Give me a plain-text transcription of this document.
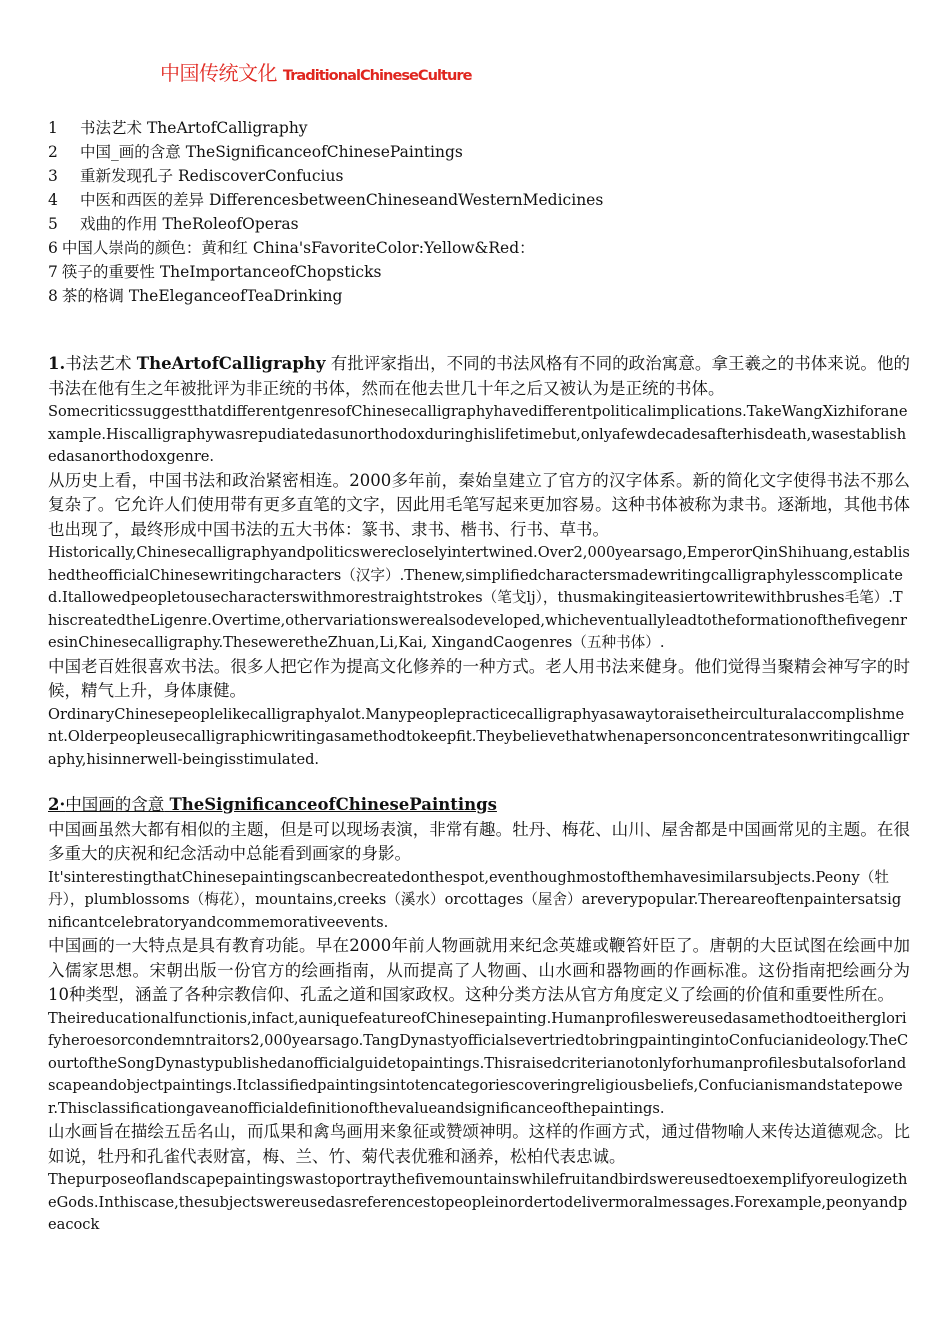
中国传统文化 TraditionalChineseCulture
1 书法艺术 TheArtofCalligraphy
2 中国_画的含意 TheSignificanceofChinesePaintings
3 重新发现孔子 RediscoverConfucius
4 中医和西医的差异 DifferencesbetweenChineseandWesternMedicines
5 戏曲的作用 TheRoleofOperas
6 中国人崇尚的颜色：黄和红 China'sFavoriteColor:Yellow&Red：
7 筷子的重要性 TheImportanceofChopsticks
8 茶的格调 TheEleganceofTeaDrinking

1.书法艺术 TheArtofCalligraphy 有批评家指出，不同的书法风格有不同的政治寓意。拿王羲之的书体来说。他的书法在他有生之年被批评为非正统的书体，然而在他去世几十年之后又被认为是正统的书体。

SomecriticssuggestthatdifferentgenresofChinesecalligraphyhavedifferentpoliticalimplications.TakeWangXizhiforanexample.Hiscalligraphywasrepudiatedasunorthodoxduringhislifetimebut,onlyafewdecadesafterhisdeath,wasestablishedasanorthodoxgenre.

从历史上看，中国书法和政治紧密相连。2000多年前，秦始皇建立了官方的汉字体系。新的简化文字使得书法不那么复杂了。它允许人们使用带有更多直笔的文字，因此用毛笔写起来更加容易。这种书体被称为隶书。逐渐地，其他书体也出现了，最终形成中国书法的五大书体：篆书、隶书、楷书、行书、草书。

Historically,Chinesecalligraphyandpoliticswerecloselyintertwined.Over2,000yearsago,EmperorQinShihuang,establishedtheofficialChinesewritingcharacters（汉字）.Thenew,simplifiedcharactersmadewritingcalligraphylesscomplicated.Itallowedpeopletousecharacterswithmorestraightstrokes（笔戈lj），thusmakingiteasiertowritewithbrushes毛笔）.ThiscreatedtheLigenre.Overtime,othervariationswerealsodeveloped,whicheventuallyleadtotheformationofthefivegenresinChinesecalligraphy.TheseweretheZhuan,Li,Kai, XingandCaogenres（五种书体）.

中国老百姓很喜欢书法。很多人把它作为提高文化修养的一种方式。老人用书法来健身。他们觉得当聚精会神写字的时候，精气上升，身体康健。

OrdinaryChinesepeoplelikecalligraphyalot.Manypeoplepracticecalligraphyasawaytoraisetheirculturalaccomplishment.Olderpeopleusecalligraphicwritingasamethodtokeepfit.Theybelievethatwhenapersonconcentratesonwritingcalligraphy,hisinnerwell-beingisstimulated.

2·中国画的含意 TheSignificanceofChinesePaintings

中国画虽然大都有相似的主题，但是可以现场表演，非常有趣。牡丹、梅花、山川、屋舍都是中国画常见的主题。在很多重大的庆祝和纪念活动中总能看到画家的身影。

It'sinterestingthatChinesepaintingscanbecreatedonthespot,eventhoughmostofthemhavesimilarsubjects.Peony（牡丹），plumblossoms（梅花），mountains,creeks（溪水）orcottages（屋舍）areverypopular.Thereareoftenpaintersatsignificantcelebratoryandcommemorativeevents.

中国画的一大特点是具有教育功能。早在2000年前人物画就用来纪念英雄或鞭笞奸臣了。唐朝的大臣试图在绘画中加入儒家思想。宋朝出版一份官方的绘画指南，从而提高了人物画、山水画和器物画的作画标准。这份指南把绘画分为10种类型，涵盖了各种宗教信仰、孔孟之道和国家政权。这种分类方法从官方角度定义了绘画的价值和重要性所在。

Theireducationalfunctionis,infact,auniquefeatureofChinesepainting.Humanprofileswereusedasamethodtoeitherglorifyheroesorcondemntraitors2,000yearsago.TangDynastyofficialsevertriedtobringpaintingintoConfucianideology.TheCourtoftheSongDynastypublishedanofficialguidetopaintings.Thisraisedcriterianotonlyforhumanprofilesbutalsoforlandscapeandobjectpaintings.Itclassifiedpaintingsintotencategoriescoveringreligiousbeliefs,Confucianismandstatepower.Thisclassificationgaveanofficialdefinitionofthevalueandsignificanceofthepaintings.

山水画旨在描绘五岳名山，而瓜果和禽鸟画用来象征或赞颂神明。这样的作画方式，通过借物喻人来传达道德观念。比如说，牡丹和孔雀代表财富，梅、兰、竹、菊代表优雅和涵养，松柏代表忠诚。

ThepurposeoflandscapepaintingswastoportraythefivemountainswhilefruitandbirdswereusedtoexemplifyoreulogizetheGods.Inthiscase,thesubjectswereusedasreferencestopeopleinordertodelivermoralmessages.Forexample,peonyandpeacock
